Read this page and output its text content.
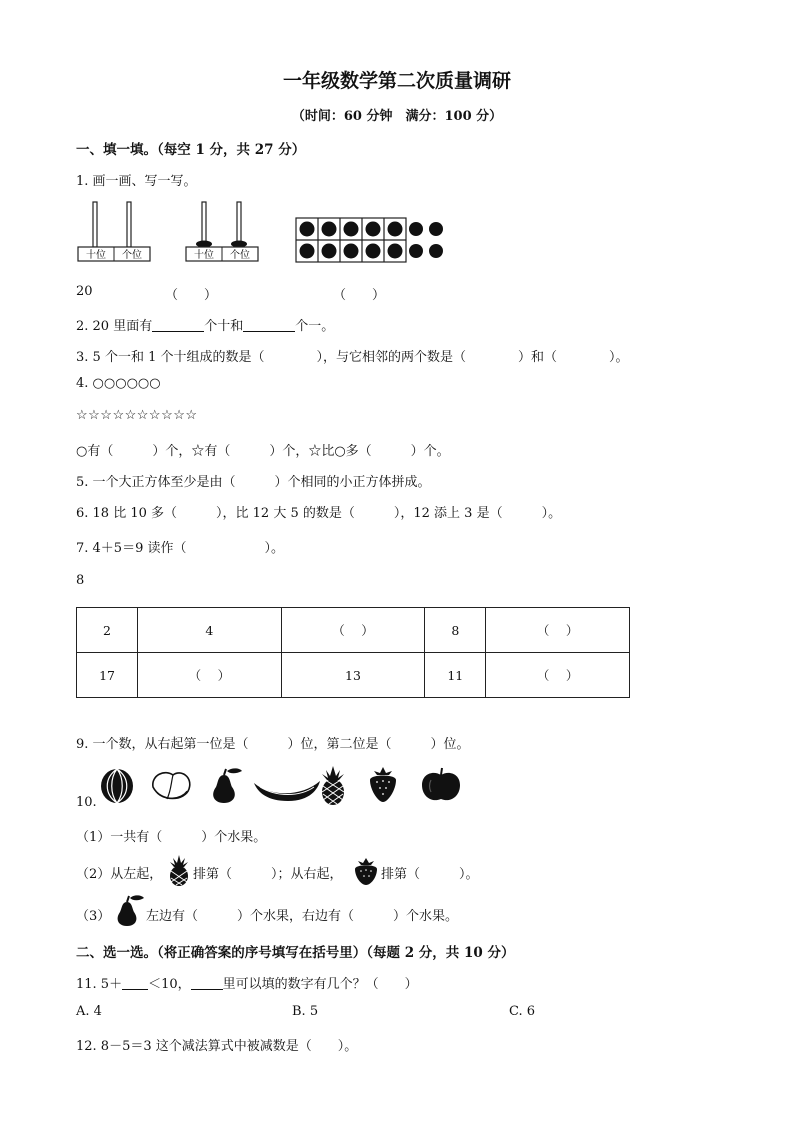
一年级数学第二次质量调研
（时间：60 分钟　满分：100 分）
一、填一填。（每空 1 分，共 27 分）
1. 画一画、写一写。
十位 个位	十位 个位
20	（　　）	（　　）
2. 20 里面有	个十和	个一。
3. 5 个一和 1 个十组成的数是（　　　　），与它相邻的两个数是（　　　　）和（　　　　）。
4. ○○○○○○
☆☆☆☆☆☆☆☆☆☆
○有（　　　）个，☆有（　　　）个，☆比○多（　　　）个。
5. 一个大正方体至少是由（　　　）个相同的小正方体拼成。
6. 18 比 10 多（　　　），比 12 大 5 的数是（　　　），12 添上 3 是（　　　）。
7. 4＋5＝9 读作（　　　　　　）。
8
2	4	（　 ）	8	（　 ）
17	（　 ）	13	11	（　 ）
9. 一个数，从右起第一位是（　　　）位，第二位是（　　　）位。
10.
（1）一共有（　　　）个水果。
（2）从左起， 排第（　　　）；从右起，	排第（　　　）。
（3）	左边有（　　　）个水果，右边有（　　　）个水果。
二、选一选。（将正确答案的序号填写在括号里）（每题 2 分，共 10 分）
11. 5＋ ＜10， 里可以填的数字有几个？（　　）
A. 4	B. 5	C. 6
12. 8－5＝3 这个减法算式中被减数是（　　）。
